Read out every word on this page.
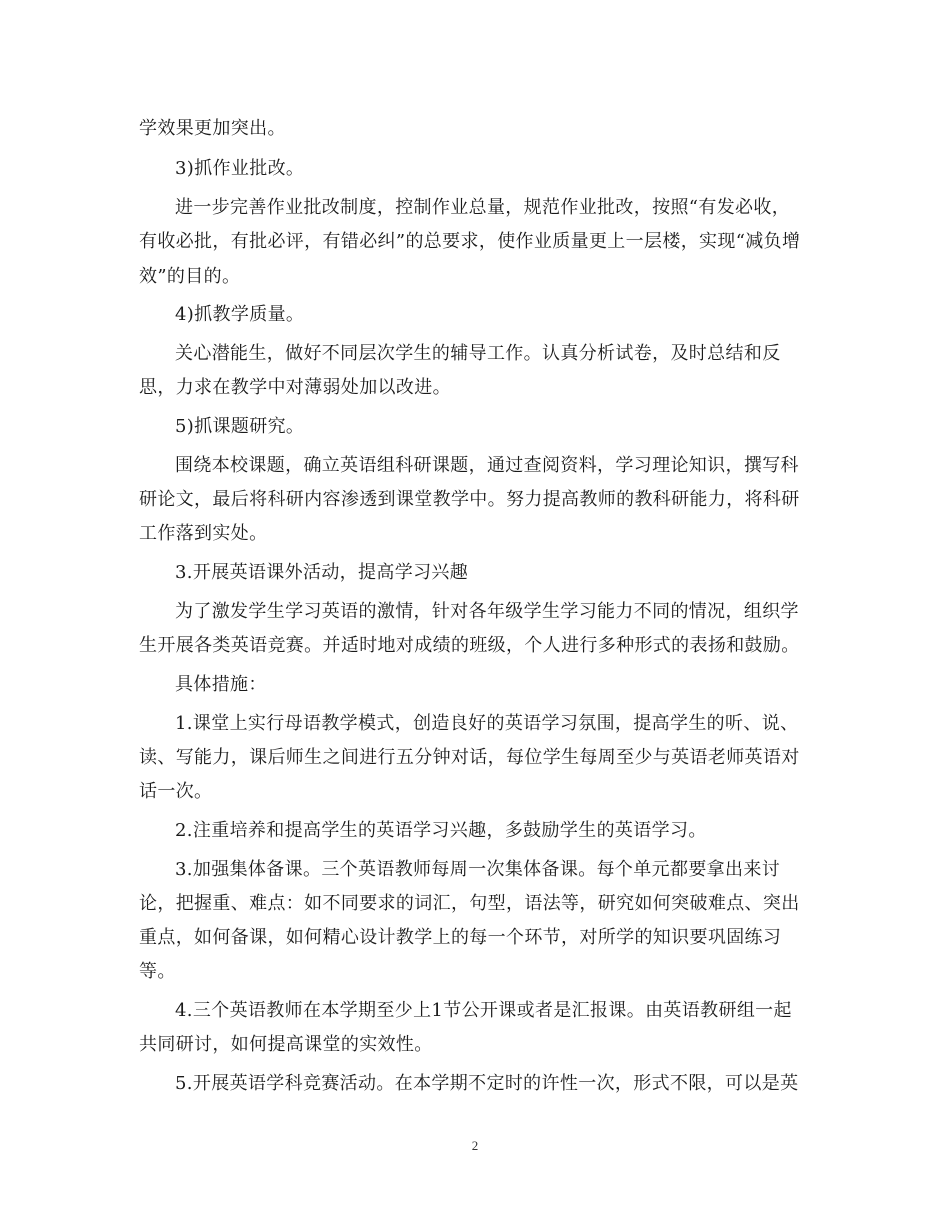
学效果更加突出。
3)抓作业批改。
进一步完善作业批改制度，控制作业总量，规范作业批改，按照“有发必收，
有收必批，有批必评，有错必纠”的总要求，使作业质量更上一层楼，实现“减负增
效”的目的。
4)抓教学质量。
关心潜能生，做好不同层次学生的辅导工作。认真分析试卷，及时总结和反
思，力求在教学中对薄弱处加以改进。
5)抓课题研究。
围绕本校课题，确立英语组科研课题，通过查阅资料，学习理论知识，撰写科
研论文，最后将科研内容渗透到课堂教学中。努力提高教师的教科研能力，将科研
工作落到实处。
3.开展英语课外活动，提高学习兴趣
为了激发学生学习英语的激情，针对各年级学生学习能力不同的情况，组织学
生开展各类英语竞赛。并适时地对成绩的班级，个人进行多种形式的表扬和鼓励。
具体措施：
1.课堂上实行母语教学模式，创造良好的英语学习氛围，提高学生的听、说、
读、写能力，课后师生之间进行五分钟对话，每位学生每周至少与英语老师英语对
话一次。
2.注重培养和提高学生的英语学习兴趣，多鼓励学生的英语学习。
3.加强集体备课。三个英语教师每周一次集体备课。每个单元都要拿出来讨
论，把握重、难点：如不同要求的词汇，句型，语法等，研究如何突破难点、突出
重点，如何备课，如何精心设计教学上的每一个环节，对所学的知识要巩固练习
等。
4.三个英语教师在本学期至少上1节公开课或者是汇报课。由英语教研组一起
共同研讨，如何提高课堂的实效性。
5.开展英语学科竞赛活动。在本学期不定时的许性一次，形式不限，可以是英
2
